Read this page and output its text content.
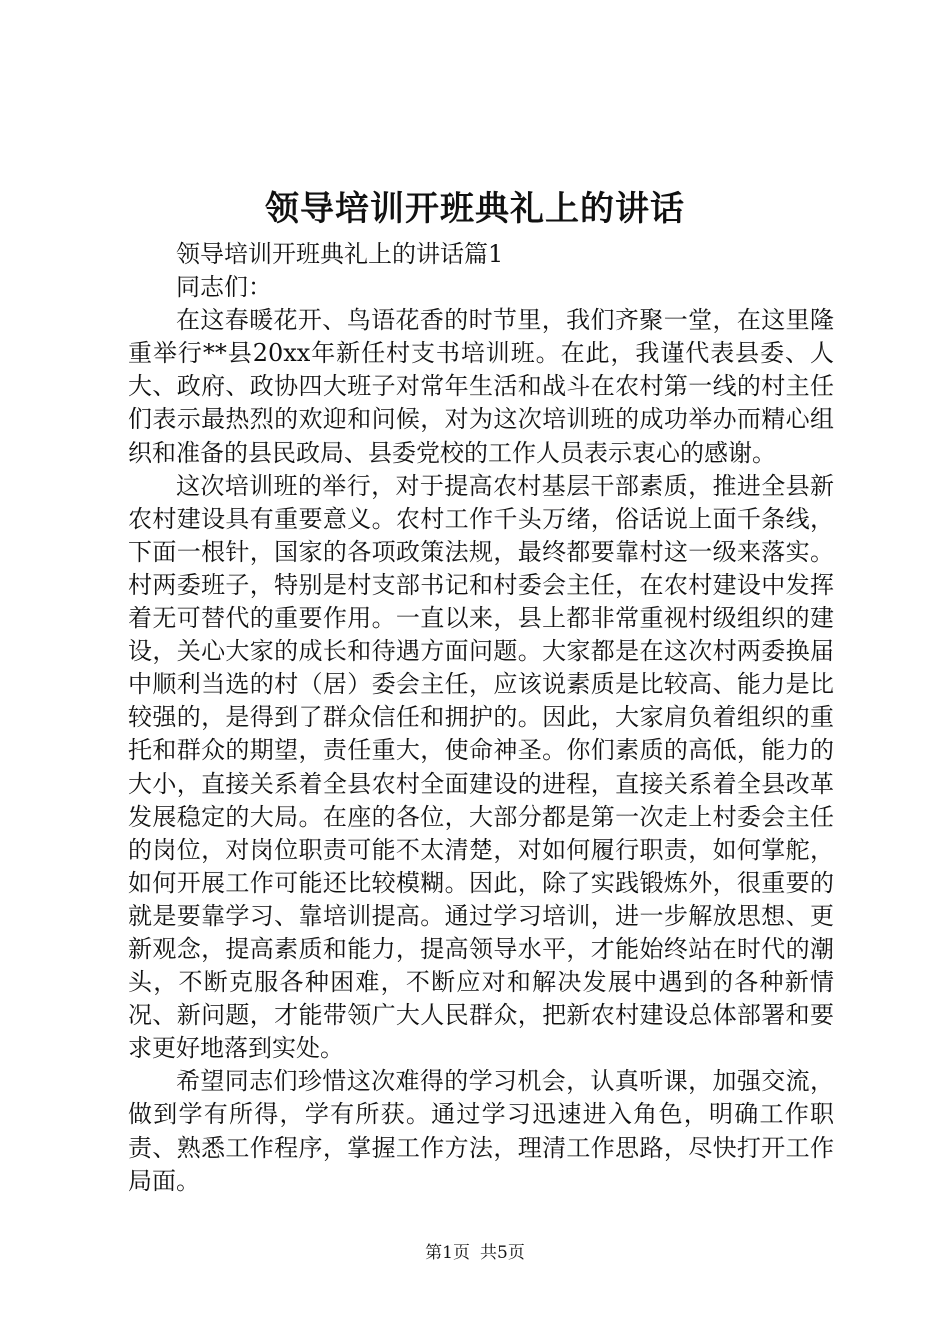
领导培训开班典礼上的讲话

领导培训开班典礼上的讲话篇1

同志们：

在这春暖花开、鸟语花香的时节里，我们齐聚一堂，在这里隆重举行**县20xx年新任村支书培训班。在此，我谨代表县委、人大、政府、政协四大班子对常年生活和战斗在农村第一线的村主任们表示最热烈的欢迎和问候，对为这次培训班的成功举办而精心组织和准备的县民政局、县委党校的工作人员表示衷心的感谢。

这次培训班的举行，对于提高农村基层干部素质，推进全县新农村建设具有重要意义。农村工作千头万绪，俗话说上面千条线，下面一根针，国家的各项政策法规，最终都要靠村这一级来落实。村两委班子，特别是村支部书记和村委会主任，在农村建设中发挥着无可替代的重要作用。一直以来，县上都非常重视村级组织的建设，关心大家的成长和待遇方面问题。大家都是在这次村两委换届中顺利当选的村（居）委会主任，应该说素质是比较高、能力是比较强的，是得到了群众信任和拥护的。因此，大家肩负着组织的重托和群众的期望，责任重大，使命神圣。你们素质的高低，能力的大小，直接关系着全县农村全面建设的进程，直接关系着全县改革发展稳定的大局。在座的各位，大部分都是第一次走上村委会主任的岗位，对岗位职责可能不太清楚，对如何履行职责，如何掌舵，如何开展工作可能还比较模糊。因此，除了实践锻炼外，很重要的就是要靠学习、靠培训提高。通过学习培训，进一步解放思想、更新观念，提高素质和能力，提高领导水平，才能始终站在时代的潮头，不断克服各种困难，不断应对和解决发展中遇到的各种新情况、新问题，才能带领广大人民群众，把新农村建设总体部署和要求更好地落到实处。

希望同志们珍惜这次难得的学习机会，认真听课，加强交流，做到学有所得，学有所获。通过学习迅速进入角色，明确工作职责、熟悉工作程序，掌握工作方法，理清工作思路，尽快打开工作局面。

第1页 共5页
